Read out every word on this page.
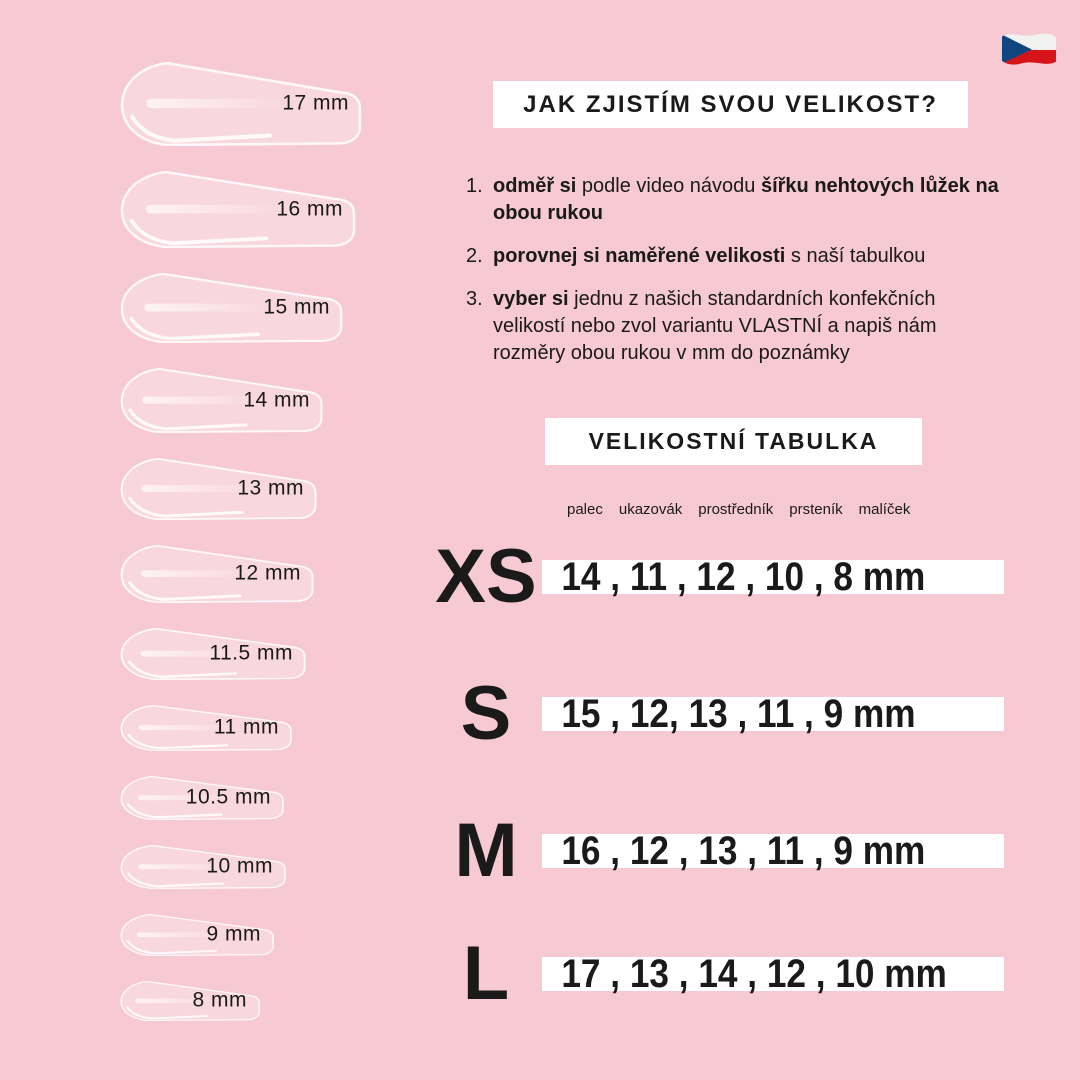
17 mm
16 mm
15 mm
14 mm
13 mm
12 mm
11.5 mm
11 mm
10.5 mm
10 mm
9 mm
8 mm
JAK ZJISTÍM SVOU VELIKOST?
1. odměř si podle video návodu šířku nehtových lůžek na obou rukou
2. porovnej si naměřené velikosti s naší tabulkou
3. vyber si jednu z našich standardních konfekčních velikostí nebo zvol variantu VLASTNÍ a napiš nám rozměry obou rukou v mm do poznámky
VELIKOSTNÍ TABULKA
palec ukazovák prostředník prsteník malíček
XS 14 , 11 , 12 , 10 , 8 mm
S	15 , 12, 13 , 11 , 9 mm
M	16 , 12 , 13 , 11 , 9 mm
L	17 , 13 , 14 , 12 , 10 mm
